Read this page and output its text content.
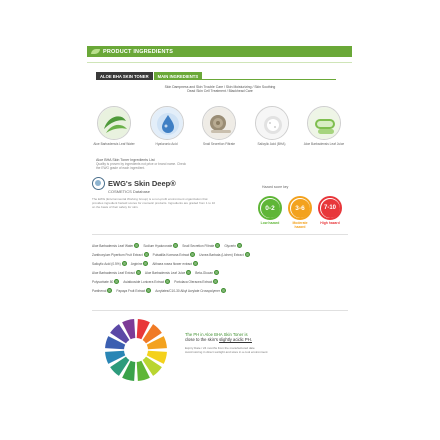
PRODUCT INGREDIENTS
ALOE BHA SKIN TONER	MAIN INGREDIENTS
Skin Dampness and Skin Trouble Care / Skin Moisturizing / Skin Soothing
Dead Skin Cell Treatment / Blackhead Care
Aloe Barbadensis Leaf Water	Hyaluronic Acid	Snail Secretion Filtrate	Salicylic Acid (BHA)	Aloe Barbadensis Leaf Juice
Aloe BHA Skin Toner Ingredients List
Quality is proven by ingredients not price or brand name. Check the EWG grade of each ingredient.
EWG's Skin Deep®
COSMETICS Database
The EWG (Environmental Working Group) is a non-profit environment organization that provides ingredient hazard scores for cosmetic products. Ingredients are graded from 1 to 10 on the basis of their safety for skin.
Hazard score key
0-2
Low hazard
3-6
Moderate hazard
7-10
High hazard
Aloe Barbadensis Leaf Water	Sodium Hyaluronate	Snail Secretion Filtrate	Glycerin
Zanthoxylum Piperitum Fruit Extract	Pulsatilla Koreana Extract	Usnea Barbata (Lichen) Extract
Salicylic Acid (0.5%)	Arginine	Althaea rosea flower extract
Aloe Barbadensis Leaf Extract	Aloe Barbadensis Leaf Juice	Beta-Glucan
Polysorbate 80	Asiaticoside Lonicera Extract	Portulaca Oleracea Extract
Panthenol	Papaya Fruit Extract	Acrylates/C10-30 Alkyl Acrylate Crosspolymer
The PH in Aloe BHA Skin Toner is
close to the skin's slightly acidic PH.
Expiry Date / 24 months from the manufactured date
Avoid storing in direct sunlight and store in a cool environment
